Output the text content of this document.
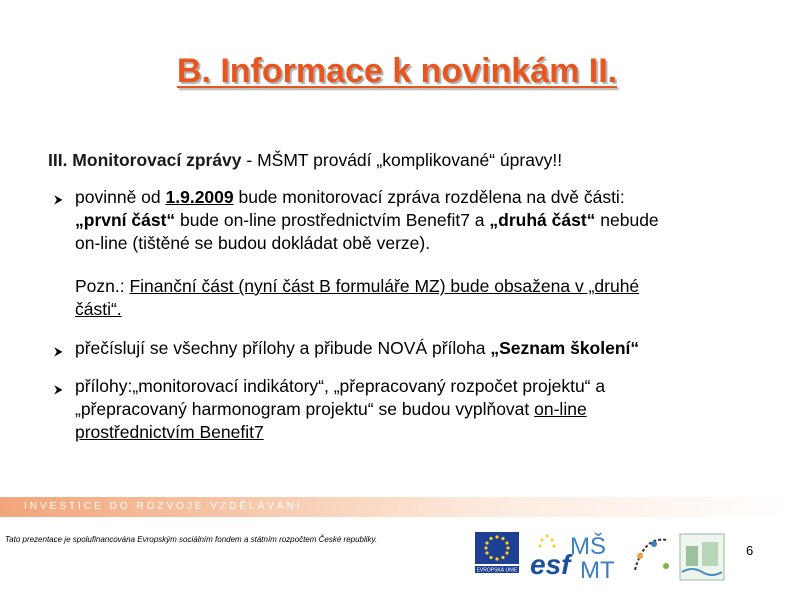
B. Informace k novinkám II.
III. Monitorovací zprávy - MŠMT provádí „komplikované“ úpravy!!
⮞ povinně od 1.9.2009 bude monitorovací zpráva rozdělena na dvě části:
„první část“ bude on-line prostřednictvím Benefit7 a „druhá část“ nebude
on-line (tištěné se budou dokládat obě verze).
Pozn.: Finanční část (nyní část B formuláře MZ) bude obsažena v „druhé
části“.
⮞ přečíslují se všechny přílohy a přibude NOVÁ příloha „Seznam školení“
⮞ přílohy:„monitorovací indikátory“, „přepracovaný rozpočet projektu“ a
„přepracovaný harmonogram projektu“ se budou vyplňovat on-line
prostřednictvím Benefit7
INVESTICE DO ROZVOJE VZDĚLÁVÁNÍ
Tato prezentace je spolufinancována Evropským sociálním fondem a státním rozpočtem České republiky.
EVROPSKÁ UNIE esf
MŠ
MT
6
